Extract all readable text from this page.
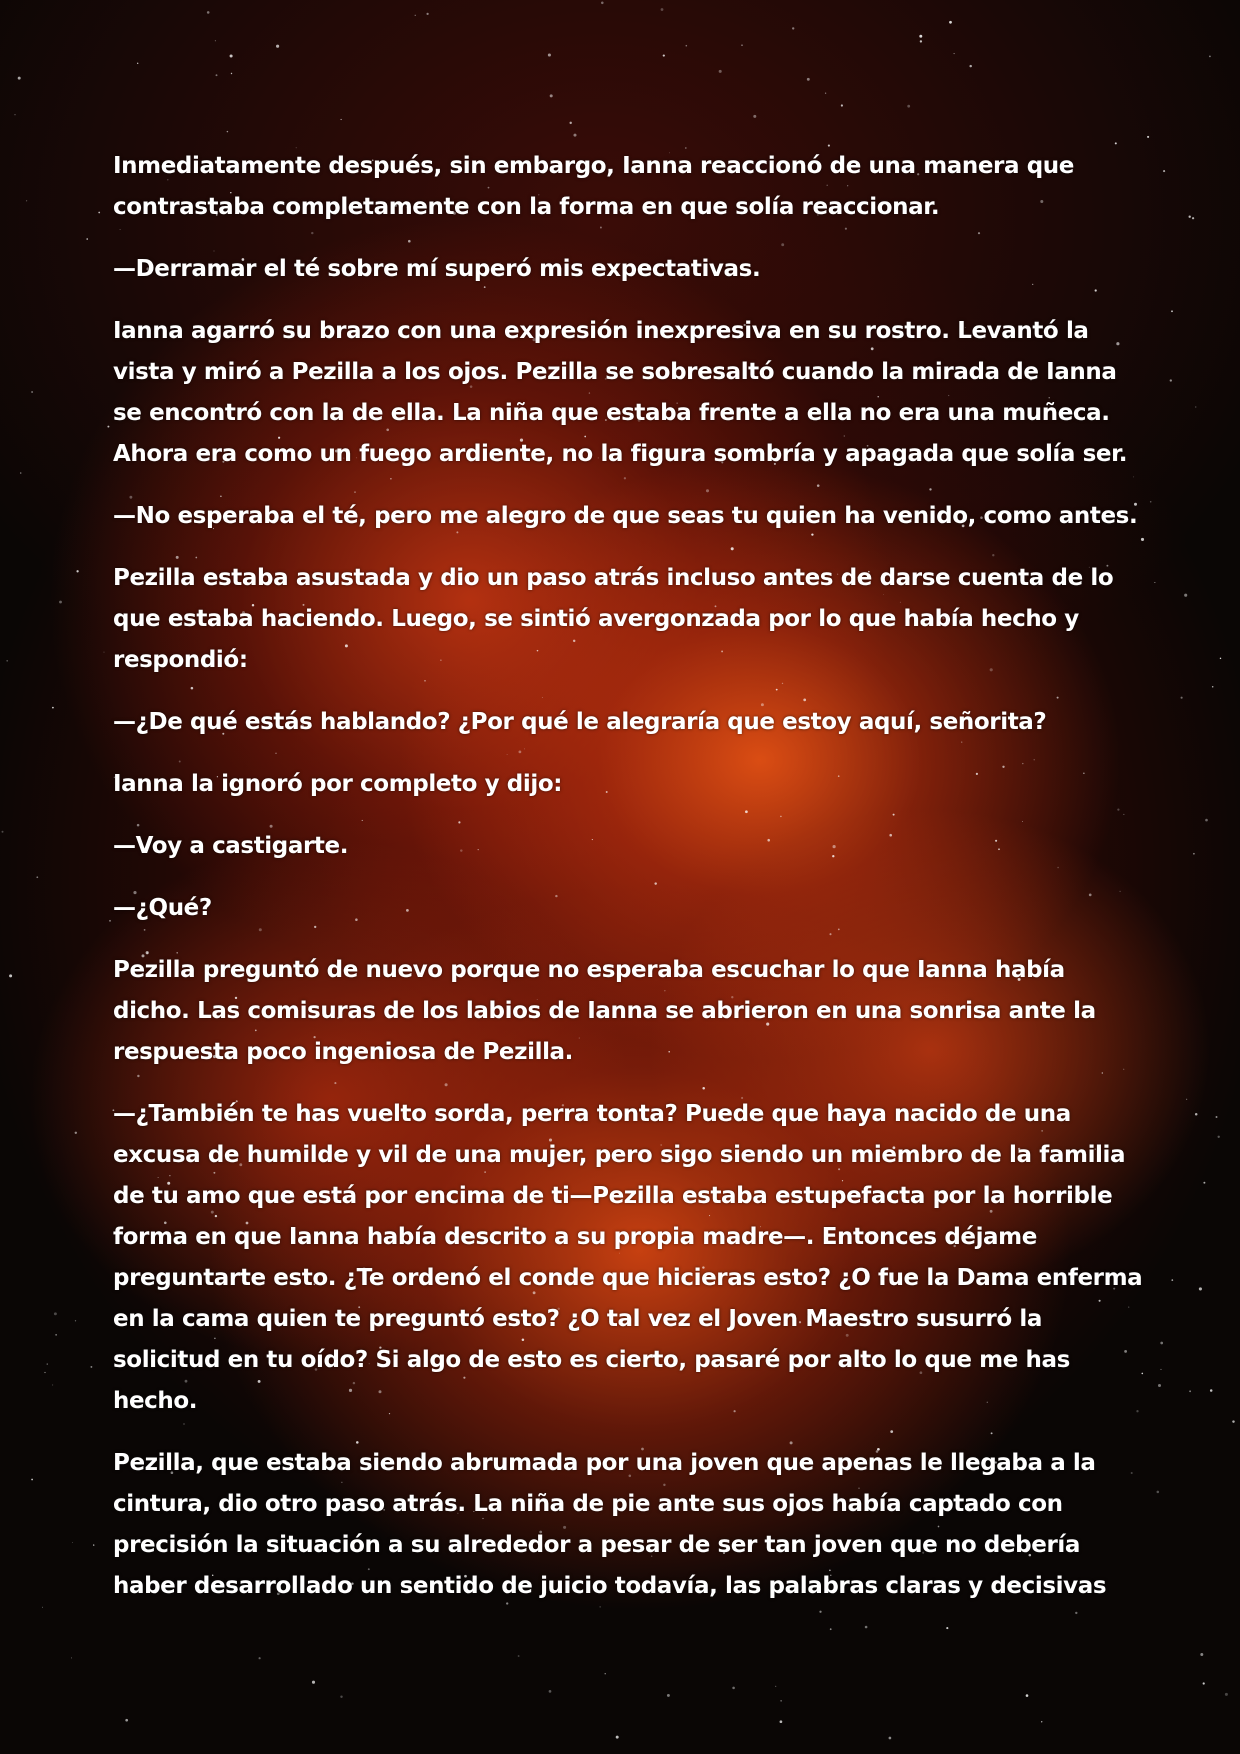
Inmediatamente después, sin embargo, Ianna reaccionó de una manera que contrastaba completamente con la forma en que solía reaccionar.

—Derramar el té sobre mí superó mis expectativas.

Ianna agarró su brazo con una expresión inexpresiva en su rostro. Levantó la vista y miró a Pezilla a los ojos. Pezilla se sobresaltó cuando la mirada de Ianna se encontró con la de ella. La niña que estaba frente a ella no era una muñeca. Ahora era como un fuego ardiente, no la figura sombría y apagada que solía ser.

—No esperaba el té, pero me alegro de que seas tu quien ha venido, como antes.

Pezilla estaba asustada y dio un paso atrás incluso antes de darse cuenta de lo que estaba haciendo. Luego, se sintió avergonzada por lo que había hecho y respondió:

—¿De qué estás hablando? ¿Por qué le alegraría que estoy aquí, señorita?

Ianna la ignoró por completo y dijo:

—Voy a castigarte.

—¿Qué?

Pezilla preguntó de nuevo porque no esperaba escuchar lo que Ianna había dicho. Las comisuras de los labios de Ianna se abrieron en una sonrisa ante la respuesta poco ingeniosa de Pezilla.

—¿También te has vuelto sorda, perra tonta? Puede que haya nacido de una excusa de humilde y vil de una mujer, pero sigo siendo un miembro de la familia de tu amo que está por encima de ti—Pezilla estaba estupefacta por la horrible forma en que Ianna había descrito a su propia madre—. Entonces déjame preguntarte esto. ¿Te ordenó el conde que hicieras esto? ¿O fue la Dama enferma en la cama quien te preguntó esto? ¿O tal vez el Joven Maestro susurró la solicitud en tu oído? Si algo de esto es cierto, pasaré por alto lo que me has hecho.

Pezilla, que estaba siendo abrumada por una joven que apenas le llegaba a la cintura, dio otro paso atrás. La niña de pie ante sus ojos había captado con precisión la situación a su alrededor a pesar de ser tan joven que no debería haber desarrollado un sentido de juicio todavía, las palabras claras y decisivas
